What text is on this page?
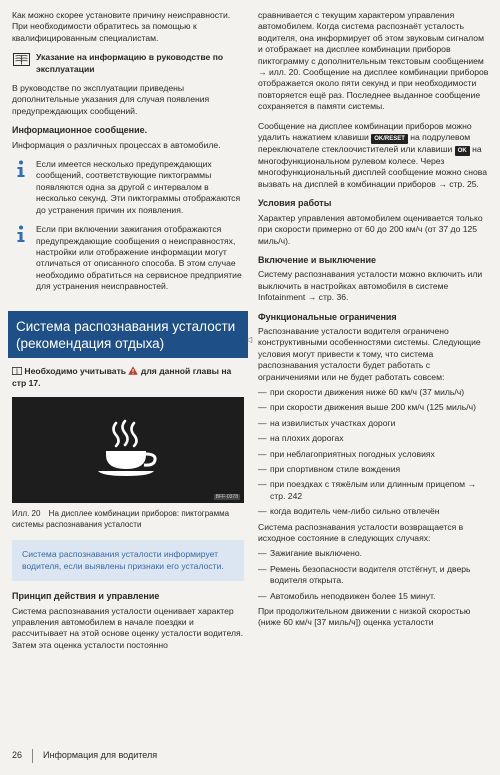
Как можно скорее установите причину неисправности. При необходимости обратитесь за помощью к квалифицированным специалистам.

Указание на информацию в руководстве по эксплуатации

В руководстве по эксплуатации приведены дополнительные указания для случая появления предупреждающих сообщений.

Информационное сообщение.

Информация о различных процессах в автомобиле.

Если имеется несколько предупреждающих сообщений, соответствующие пиктограммы появляются одна за другой с интервалом в несколько секунд. Эти пиктограммы отображаются до устранения причин их появления.
Если при включении зажигания отображаются предупреждающие сообщения о неисправностях, настройки или отображение информации могут отличаться от описанного способа. В этом случае необходимо обратиться на сервисное предприятие для устранения неисправностей.
Система распознавания усталости (рекомендация отдыха)

Необходимо учитывать для данной главы на стр 17.

BFF-0378
Илл. 20 На дисплее комбинации приборов: пиктограмма системы распознавания усталости
Система распознавания усталости информирует водителя, если выявлены признаки его усталости.
Принцип действия и управление

Система распознавания усталости оценивает характер управления автомобилем в начале поездки и рассчитывает на этой основе оценку усталости водителя. Затем эта оценка усталости постоянно

◁

сравнивается с текущим характером управления автомобилем. Когда система распознаёт усталость водителя, она информирует об этом звуковым сигналом и отображает на дисплее комбинации приборов пиктограмму с дополнительным текстовым сообщением → илл. 20. Сообщение на дисплее комбинации приборов отображается около пяти секунд и при необходимости повторяется ещё раз. Последнее выданное сообщение сохраняется в памяти системы.

Сообщение на дисплее комбинации приборов можно удалить нажатием клавиши OK/RESET на подрулевом переключателе стеклоочистителей или клавиши OK на многофункциональном рулевом колесе. Через многофункциональный дисплей сообщение можно снова вызвать на дисплей в комбинации приборов → стр. 25.

Условия работы

Характер управления автомобилем оценивается только при скорости примерно от 60 до 200 км/ч (от 37 до 125 миль/ч).

Включение и выключение

Систему распознавания усталости можно включить или выключить в настройках автомобиля в системе Infotainment → стр. 36.

Функциональные ограничения

Распознавание усталости водителя ограничено конструктивными особенностями системы. Следующие условия могут привести к тому, что система распознавания усталости будет работать с ограничениями или не будет работать совсем:

— при скорости движения ниже 60 км/ч (37 миль/ч)
— при скорости движения выше 200 км/ч (125 миль/ч)
— на извилистых участках дороги
— на плохих дорогах
— при неблагоприятных погодных условиях
— при спортивном стиле вождения
— при поездках с тяжёлым или длинным прицепом → стр. 242
— когда водитель чем-либо сильно отвлечён

Система распознавания усталости возвращается в исходное состояние в следующих случаях:

— Зажигание выключено.
— Ремень безопасности водителя отстёгнут, и дверь водителя открыта.
— Автомобиль неподвижен более 15 минут.

При продолжительном движении с низкой скоростью (ниже 60 км/ч [37 миль/ч]) оценка усталости

26 Информация для водителя
